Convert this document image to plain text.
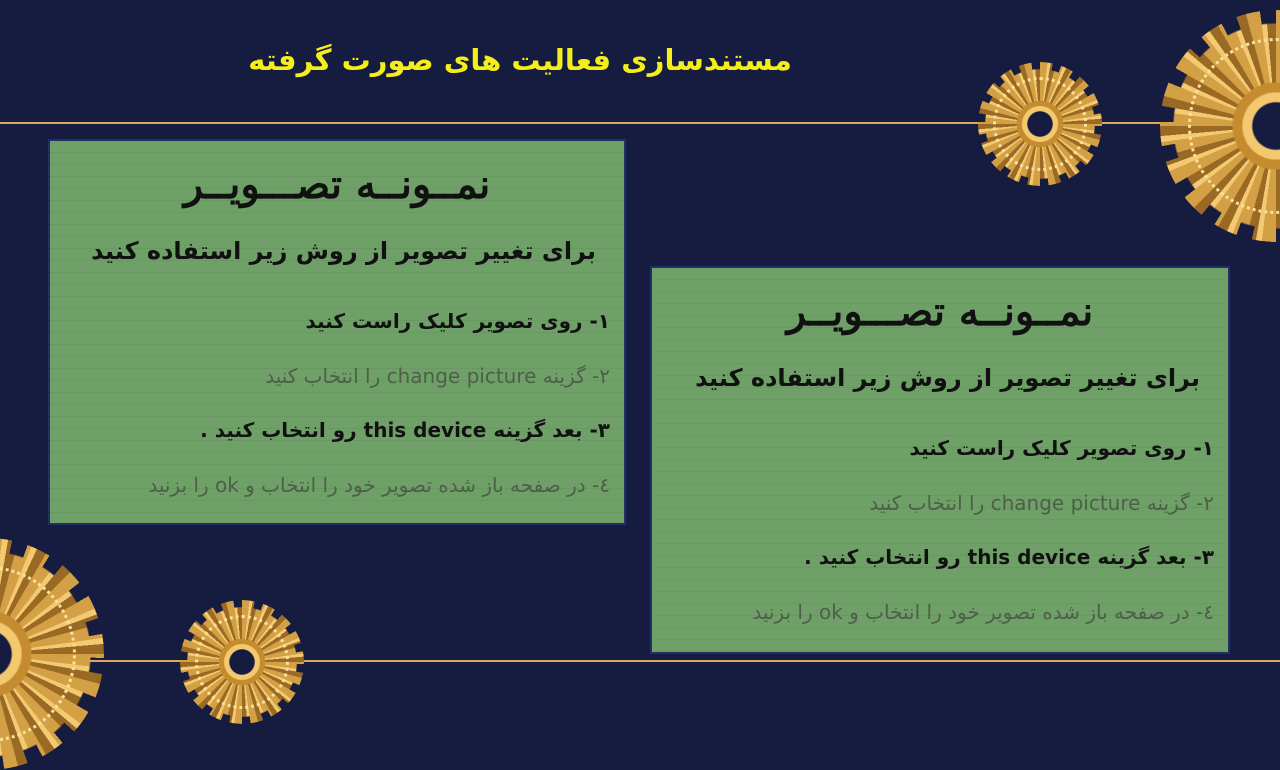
مستندسازی فعالیت های صورت گرفته
نمــونــه تصـــویــر
برای تغییر تصویر از روش زیر استفاده کنید
۱- روی تصویر کلیک راست کنید
۲- گزینه change picture را انتخاب کنید
۳- بعد گزینه this device رو انتخاب کنید .
٤- در صفحه باز شده تصویر خود را انتخاب و ok را بزنید
نمــونــه تصـــویــر
برای تغییر تصویر از روش زیر استفاده کنید
۱- روی تصویر کلیک راست کنید
۲- گزینه change picture را انتخاب کنید
۳- بعد گزینه this device رو انتخاب کنید .
٤- در صفحه باز شده تصویر خود را انتخاب و ok را بزنید
